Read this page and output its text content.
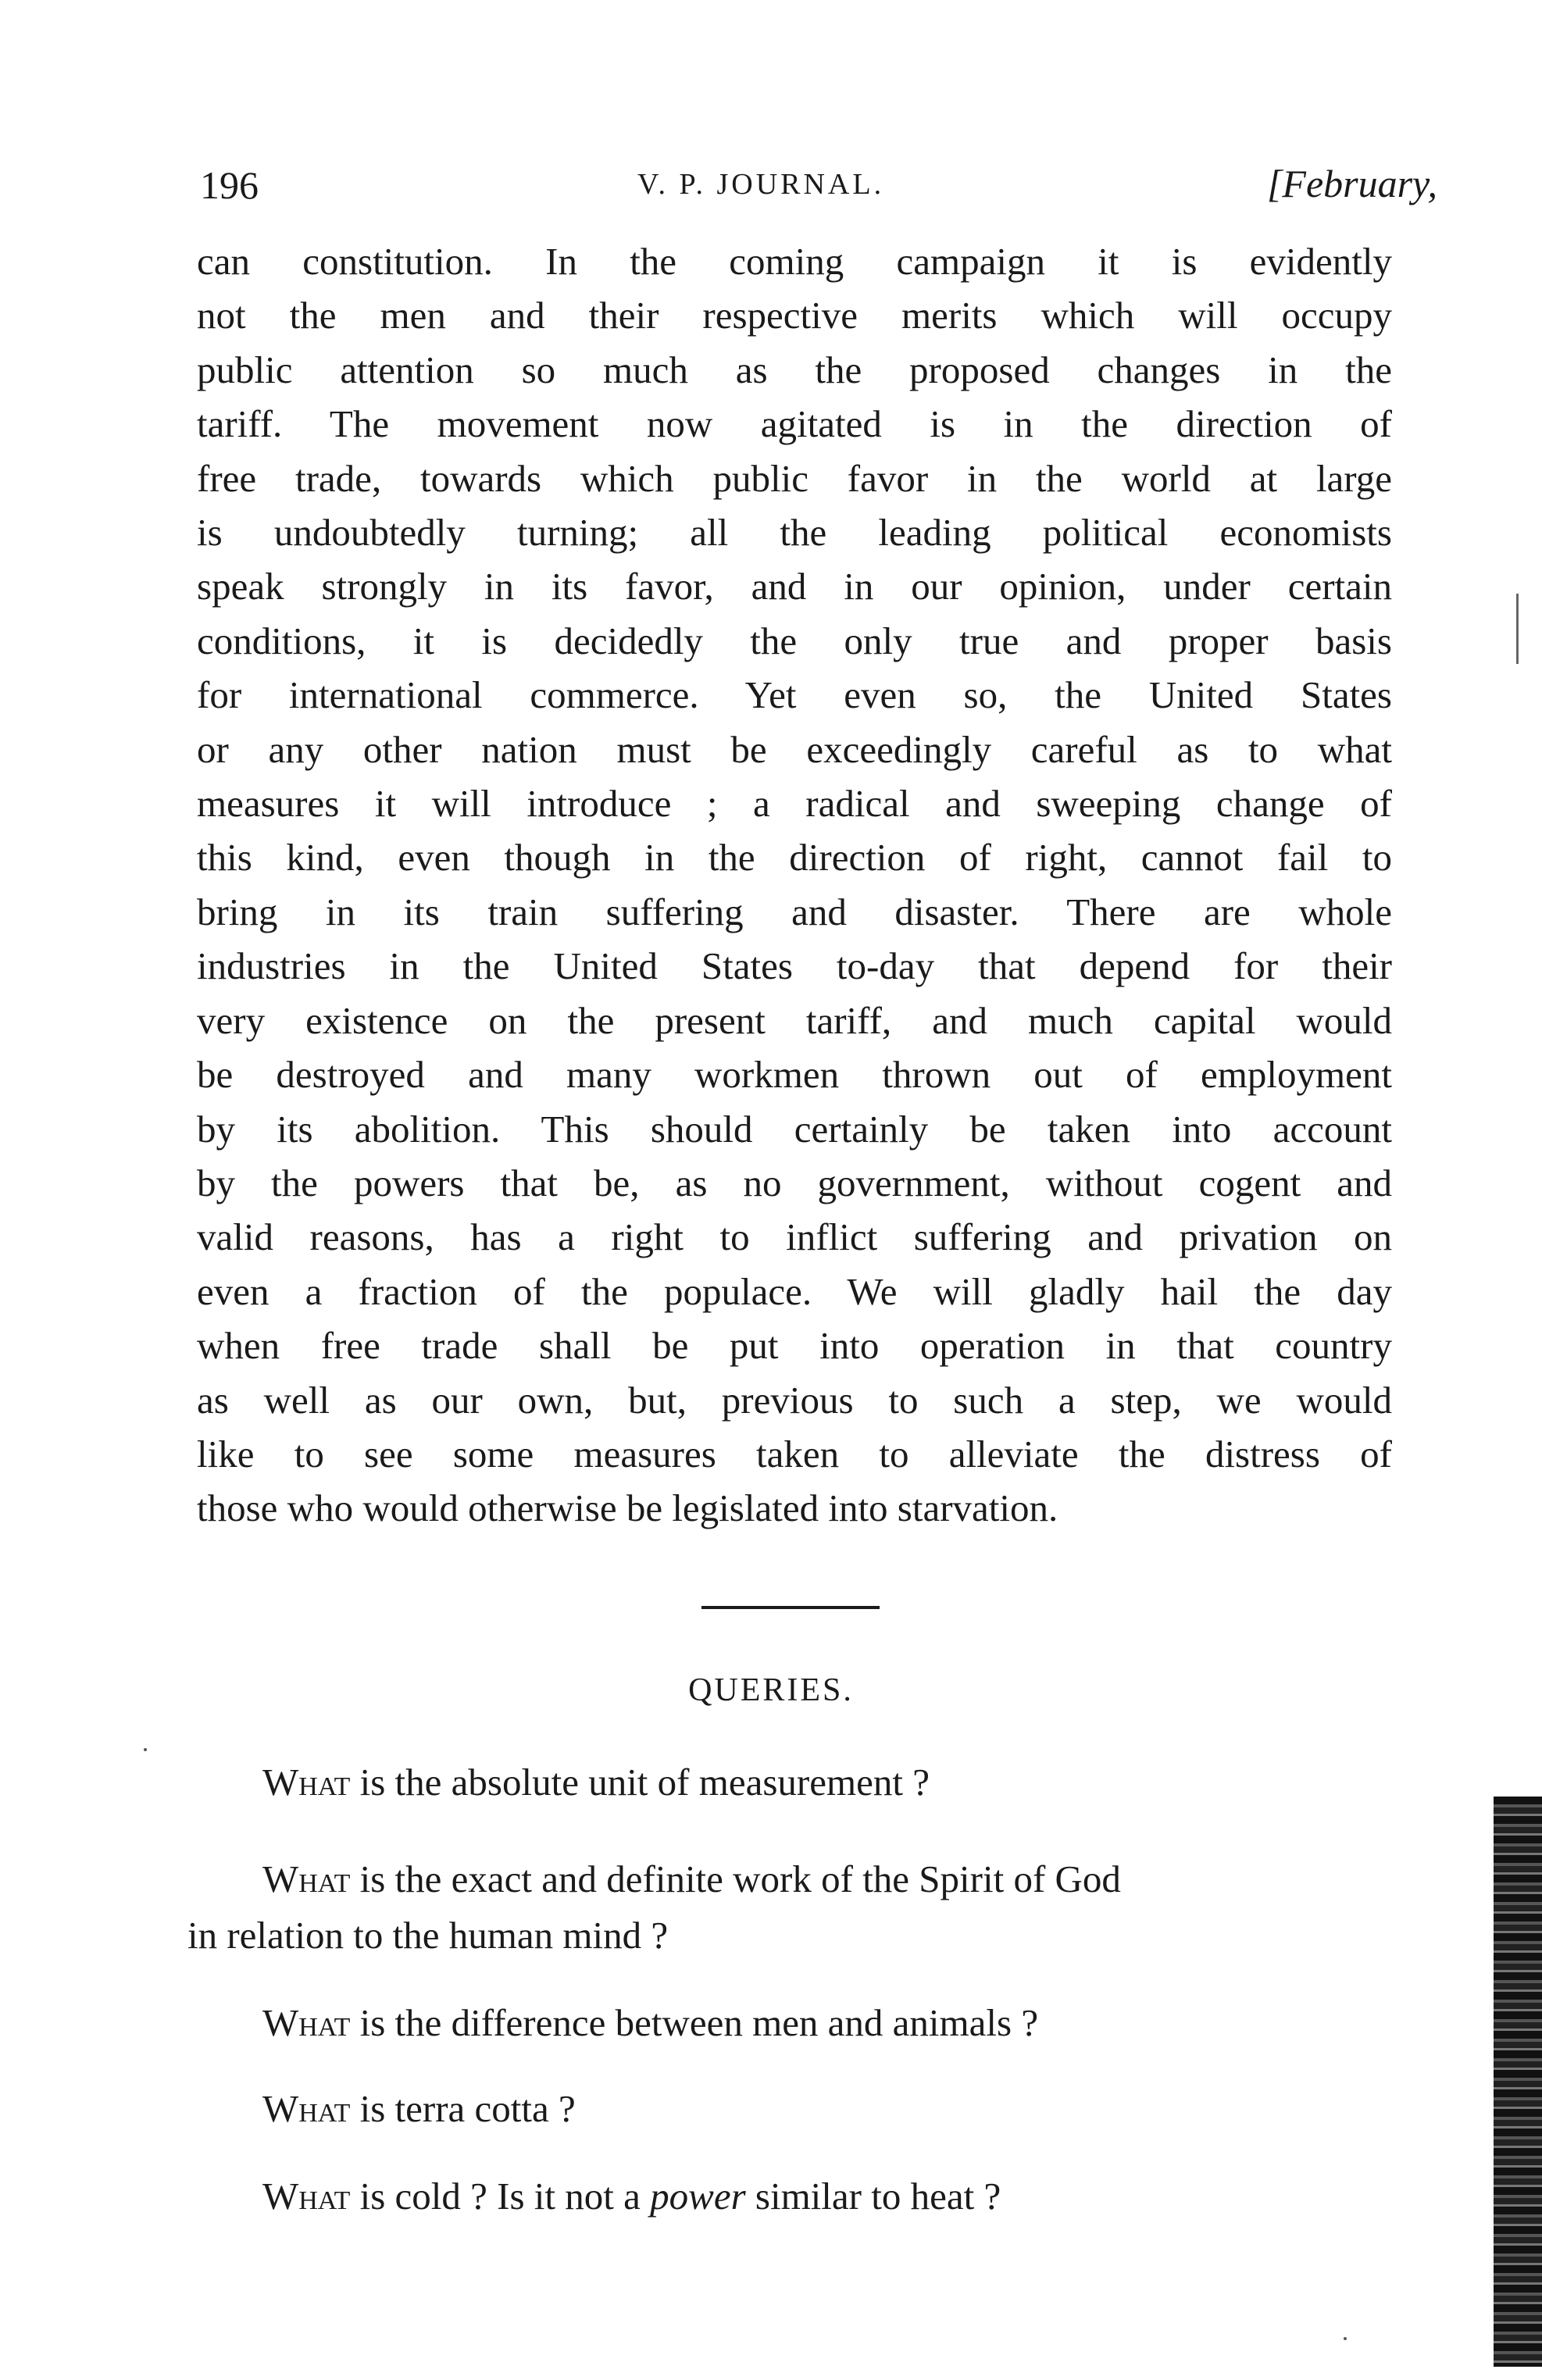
196	V. P. JOURNAL.	[February,
can constitution. In the coming campaign it is evidently
not the men and their respective merits which will occupy
public attention so much as the proposed changes in the
tariff. The movement now agitated is in the direction of
free trade, towards which public favor in the world at large
is undoubtedly turning; all the leading political economists
speak strongly in its favor, and in our opinion, under certain
conditions, it is decidedly the only true and proper basis
for international commerce. Yet even so, the United States
or any other nation must be exceedingly careful as to what
measures it will introduce ; a radical and sweeping change of
this kind, even though in the direction of right, cannot fail to
bring in its train suffering and disaster. There are whole
industries in the United States to-day that depend for their
very existence on the present tariff, and much capital would
be destroyed and many workmen thrown out of employment
by its abolition. This should certainly be taken into account
by the powers that be, as no government, without cogent and
valid reasons, has a right to inflict suffering and privation on
even a fraction of the populace. We will gladly hail the day
when free trade shall be put into operation in that country
as well as our own, but, previous to such a step, we would
like to see some measures taken to alleviate the distress of
those who would otherwise be legislated into starvation.
QUERIES.
What is the absolute unit of measurement ?
What is the exact and definite work of the Spirit of God
in relation to the human mind ?
What is the difference between men and animals ?
What is terra cotta ?
What is cold ? Is it not a power similar to heat ?
